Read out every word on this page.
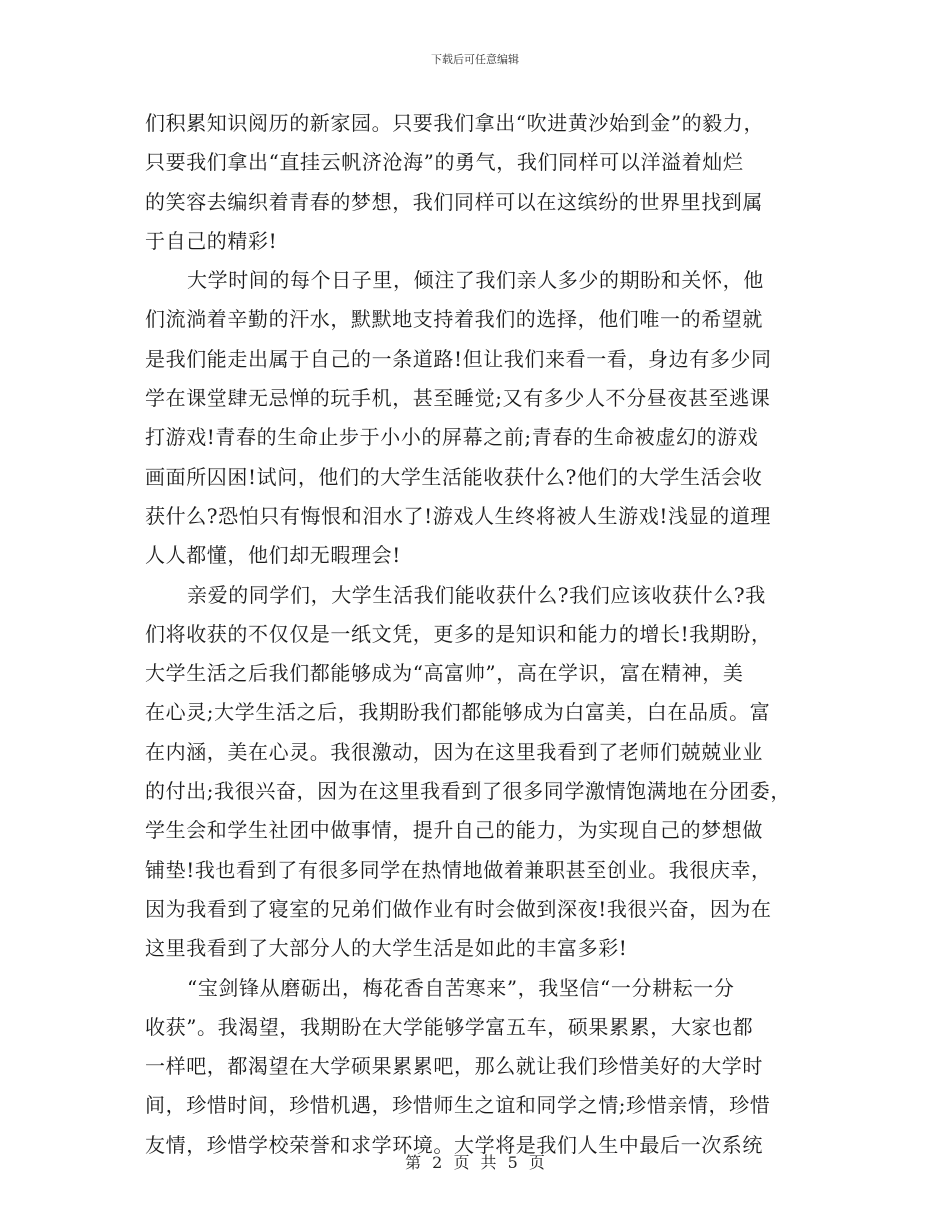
下载后可任意编辑
们积累知识阅历的新家园。只要我们拿出“吹进黄沙始到金”的毅力，
只要我们拿出“直挂云帆济沧海”的勇气，我们同样可以洋溢着灿烂
的笑容去编织着青春的梦想，我们同样可以在这缤纷的世界里找到属
于自己的精彩!
大学时间的每个日子里，倾注了我们亲人多少的期盼和关怀，他
们流淌着辛勤的汗水，默默地支持着我们的选择，他们唯一的希望就
是我们能走出属于自己的一条道路!但让我们来看一看，身边有多少同
学在课堂肆无忌惮的玩手机，甚至睡觉;又有多少人不分昼夜甚至逃课
打游戏!青春的生命止步于小小的屏幕之前;青春的生命被虚幻的游戏
画面所囚困!试问，他们的大学生活能收获什么?他们的大学生活会收
获什么?恐怕只有悔恨和泪水了!游戏人生终将被人生游戏!浅显的道理
人人都懂，他们却无暇理会!
亲爱的同学们，大学生活我们能收获什么?我们应该收获什么?我
们将收获的不仅仅是一纸文凭，更多的是知识和能力的增长!我期盼，
大学生活之后我们都能够成为“高富帅”，高在学识，富在精神，美
在心灵;大学生活之后，我期盼我们都能够成为白富美，白在品质。富
在内涵，美在心灵。我很激动，因为在这里我看到了老师们兢兢业业
的付出;我很兴奋，因为在这里我看到了很多同学激情饱满地在分团委，
学生会和学生社团中做事情，提升自己的能力，为实现自己的梦想做
铺垫!我也看到了有很多同学在热情地做着兼职甚至创业。我很庆幸，
因为我看到了寝室的兄弟们做作业有时会做到深夜!我很兴奋，因为在
这里我看到了大部分人的大学生活是如此的丰富多彩!
“宝剑锋从磨砺出，梅花香自苦寒来”，我坚信“一分耕耘一分
收获”。我渴望，我期盼在大学能够学富五车，硕果累累，大家也都
一样吧，都渴望在大学硕果累累吧，那么就让我们珍惜美好的大学时
间，珍惜时间，珍惜机遇，珍惜师生之谊和同学之情;珍惜亲情，珍惜
友情，珍惜学校荣誉和求学环境。大学将是我们人生中最后一次系统
第 2 页 共 5 页
